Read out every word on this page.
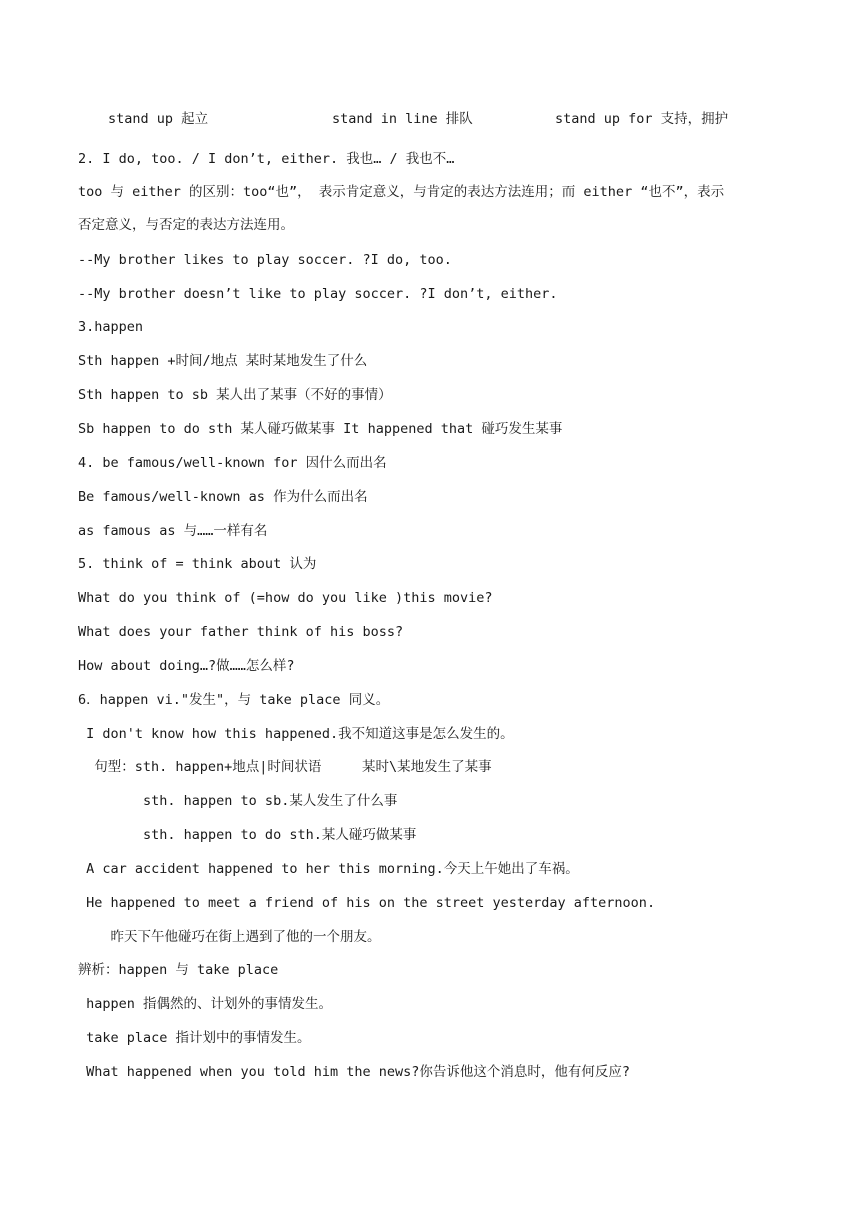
stand up 起立	stand in line 排队	stand up for 支持，拥护
2. I do, too. / I don’t, either. 我也… / 我也不…
too 与 either 的区别：too“也”， 表示肯定意义，与肯定的表达方法连用；而 either “也不”，表示
否定意义，与否定的表达方法连用。
--My brother likes to play soccer. ?I do, too.
--My brother doesn’t like to play soccer. ?I don’t, either.
3.happen
Sth happen +时间/地点 某时某地发生了什么
Sth happen to sb 某人出了某事（不好的事情）
Sb happen to do sth 某人碰巧做某事 It happened that 碰巧发生某事
4. be famous/well-known for 因什么而出名
Be famous/well-known as 作为什么而出名
as famous as 与……一样有名
5. think of = think about 认为
What do you think of (=how do you like )this movie?
What does your father think of his boss?
How about doing…?做……怎么样?
6．happen vi."发生"，与 take place 同义。
I don't know how this happened.我不知道这事是怎么发生的。
句型：sth. happen+地点|时间状语     某时\某地发生了某事
sth. happen to sb.某人发生了什么事
sth. happen to do sth.某人碰巧做某事
A car accident happened to her this morning.今天上午她出了车祸。
He happened to meet a friend of his on the street yesterday afternoon.
昨天下午他碰巧在街上遇到了他的一个朋友。
辨析：happen 与 take place
happen 指偶然的、计划外的事情发生。
take place 指计划中的事情发生。
What happened when you told him the news?你告诉他这个消息时，他有何反应?
